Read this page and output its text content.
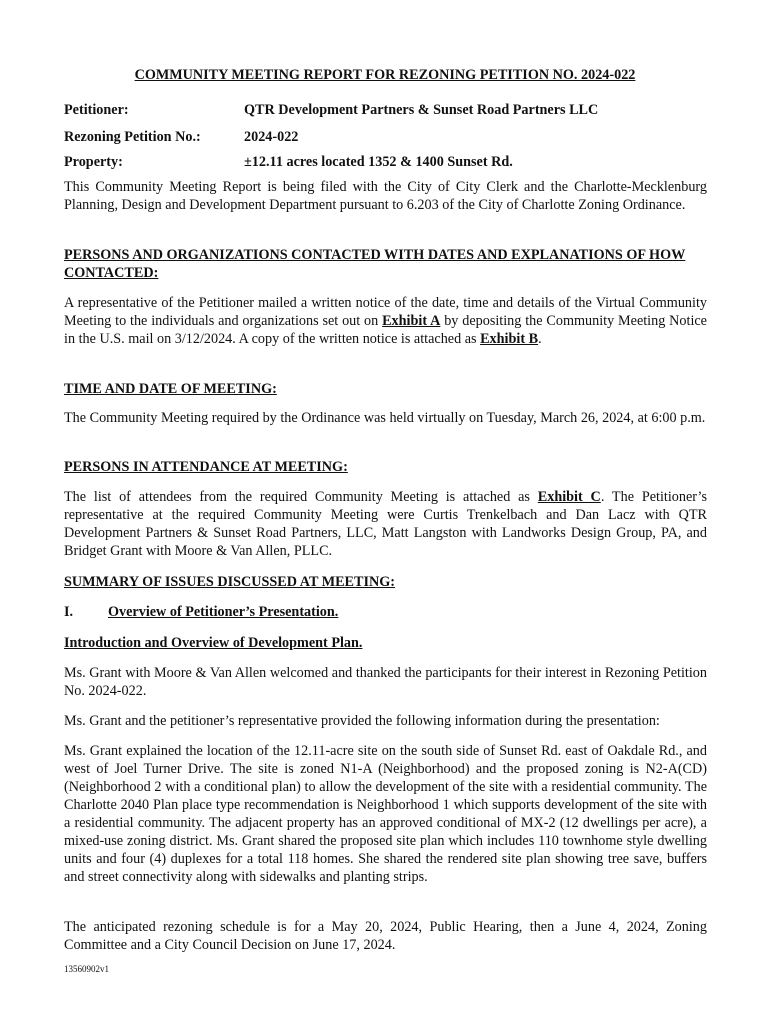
COMMUNITY MEETING REPORT FOR REZONING PETITION NO. 2024-022
Petitioner:	QTR Development Partners & Sunset Road Partners LLC
Rezoning Petition No.:	2024-022
Property:	±12.11 acres located 1352 & 1400 Sunset Rd.

This Community Meeting Report is being filed with the City of City Clerk and the Charlotte-Mecklenburg Planning, Design and Development Department pursuant to 6.203 of the City of Charlotte Zoning Ordinance.

PERSONS AND ORGANIZATIONS CONTACTED WITH DATES AND EXPLANATIONS OF HOW CONTACTED:

A representative of the Petitioner mailed a written notice of the date, time and details of the Virtual Community Meeting to the individuals and organizations set out on Exhibit A by depositing the Community Meeting Notice in the U.S. mail on 3/12/2024. A copy of the written notice is attached as Exhibit B.

TIME AND DATE OF MEETING:

The Community Meeting required by the Ordinance was held virtually on Tuesday, March 26, 2024, at 6:00 p.m.

PERSONS IN ATTENDANCE AT MEETING:

The list of attendees from the required Community Meeting is attached as Exhibit C. The Petitioner’s representative at the required Community Meeting were Curtis Trenkelbach and Dan Lacz with QTR Development Partners & Sunset Road Partners, LLC, Matt Langston with Landworks Design Group, PA, and Bridget Grant with Moore & Van Allen, PLLC.

SUMMARY OF ISSUES DISCUSSED AT MEETING:

I. Overview of Petitioner’s Presentation.

Introduction and Overview of Development Plan.

Ms. Grant with Moore & Van Allen welcomed and thanked the participants for their interest in Rezoning Petition No. 2024-022.

Ms. Grant and the petitioner’s representative provided the following information during the presentation:

Ms. Grant explained the location of the 12.11-acre site on the south side of Sunset Rd. east of Oakdale Rd., and west of Joel Turner Drive. The site is zoned N1-A (Neighborhood) and the proposed zoning is N2-A(CD) (Neighborhood 2 with a conditional plan) to allow the development of the site with a residential community. The Charlotte 2040 Plan place type recommendation is Neighborhood 1 which supports development of the site with a residential community. The adjacent property has an approved conditional of MX-2 (12 dwellings per acre), a mixed-use zoning district. Ms. Grant shared the proposed site plan which includes 110 townhome style dwelling units and four (4) duplexes for a total 118 homes. She shared the rendered site plan showing tree save, buffers and street connectivity along with sidewalks and planting strips.

The anticipated rezoning schedule is for a May 20, 2024, Public Hearing, then a June 4, 2024, Zoning Committee and a City Council Decision on June 17, 2024.

13560902v1
